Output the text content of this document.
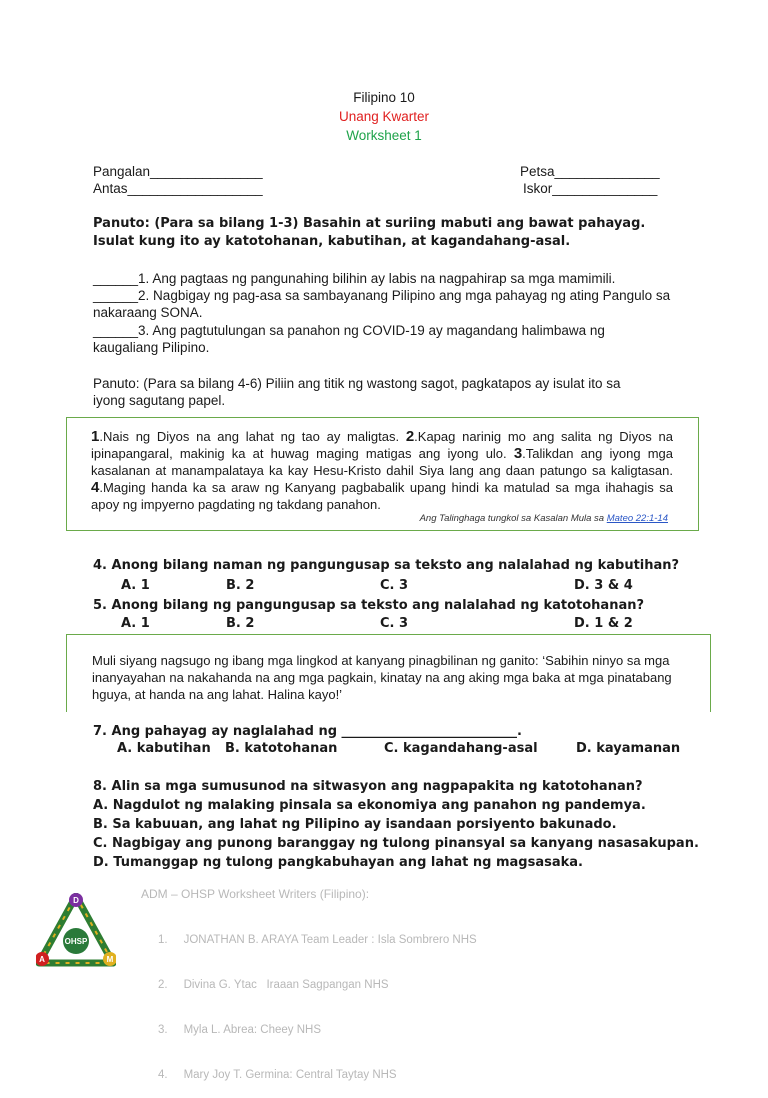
Filipino 10
Unang Kwarter
Worksheet 1
Pangalan_______________	Petsa______________
Antas__________________	Iskor______________
Panuto: (Para sa bilang 1-3) Basahin at suriing mabuti ang bawat pahayag. Isulat kung ito ay katotohanan, kabutihan, at kagandahang-asal.
______1. Ang pagtaas ng pangunahing bilihin ay labis na nagpahirap sa mga mamimili.
______2. Nagbigay ng pag-asa sa sambayanang Pilipino ang mga pahayag ng ating Pangulo sa nakaraang SONA.
______3. Ang pagtutulungan sa panahon ng COVID-19 ay magandang halimbawa ng kaugaliang Pilipino.
Panuto: (Para sa bilang 4-6) Piliin ang titik ng wastong sagot, pagkatapos ay isulat ito sa iyong sagutang papel.
1.Nais ng Diyos na ang lahat ng tao ay maligtas. 2.Kapag narinig mo ang salita ng Diyos na ipinapangaral, makinig ka at huwag maging matigas ang iyong ulo. 3.Talikdan ang iyong mga kasalanan at manampalataya ka kay Hesu-Kristo dahil Siya lang ang daan patungo sa kaligtasan. 4.Maging handa ka sa araw ng Kanyang pagbabalik upang hindi ka matulad sa mga ihahagis sa apoy ng impyerno pagdating ng takdang panahon.
Ang Talinghaga tungkol sa Kasalan Mula sa Mateo 22:1-14
4. Anong bilang naman ng pangungusap sa teksto ang nalalahad ng kabutihan?
A. 1	B. 2	C. 3	D. 3 & 4
5. Anong bilang ng pangungusap sa teksto ang nalalahad ng katotohanan?
A. 1	B. 2	C. 3	D. 1 & 2
Muli siyang nagsugo ng ibang mga lingkod at kanyang pinagbilinan ng ganito: ‘Sabihin ninyo sa mga inanyayahan na nakahanda na ang mga pagkain, kinatay na ang aking mga baka at mga pinatabang hguya, at handa na ang lahat. Halina kayo!’
7. Ang pahayag ay naglalahad ng ___________________________.
A. kabutihan B. katotohanan	C. kagandahang-asal	D. kayamanan
8. Alin sa mga sumusunod na sitwasyon ang nagpapakita ng katotohanan?
A. Nagdulot ng malaking pinsala sa ekonomiya ang panahon ng pandemya.
B. Sa kabuuan, ang lahat ng Pilipino ay isandaan porsiyento bakunado.
C. Nagbigay ang punong baranggay ng tulong pinansyal sa kanyang nasasakupan.
D. Tumanggap ng tulong pangkabuhayan ang lahat ng magsasaka.
D
M
A
OHSP
ADM – OHSP Worksheet Writers (Filipino):

1.     JONATHAN B. ARAYA Team Leader : Isla Sombrero NHS

2.     Divina G. Ytac   Iraaan Sagpangan NHS

3.     Myla L. Abrea: Cheey NHS

4.     Mary Joy T. Germina: Central Taytay NHS
